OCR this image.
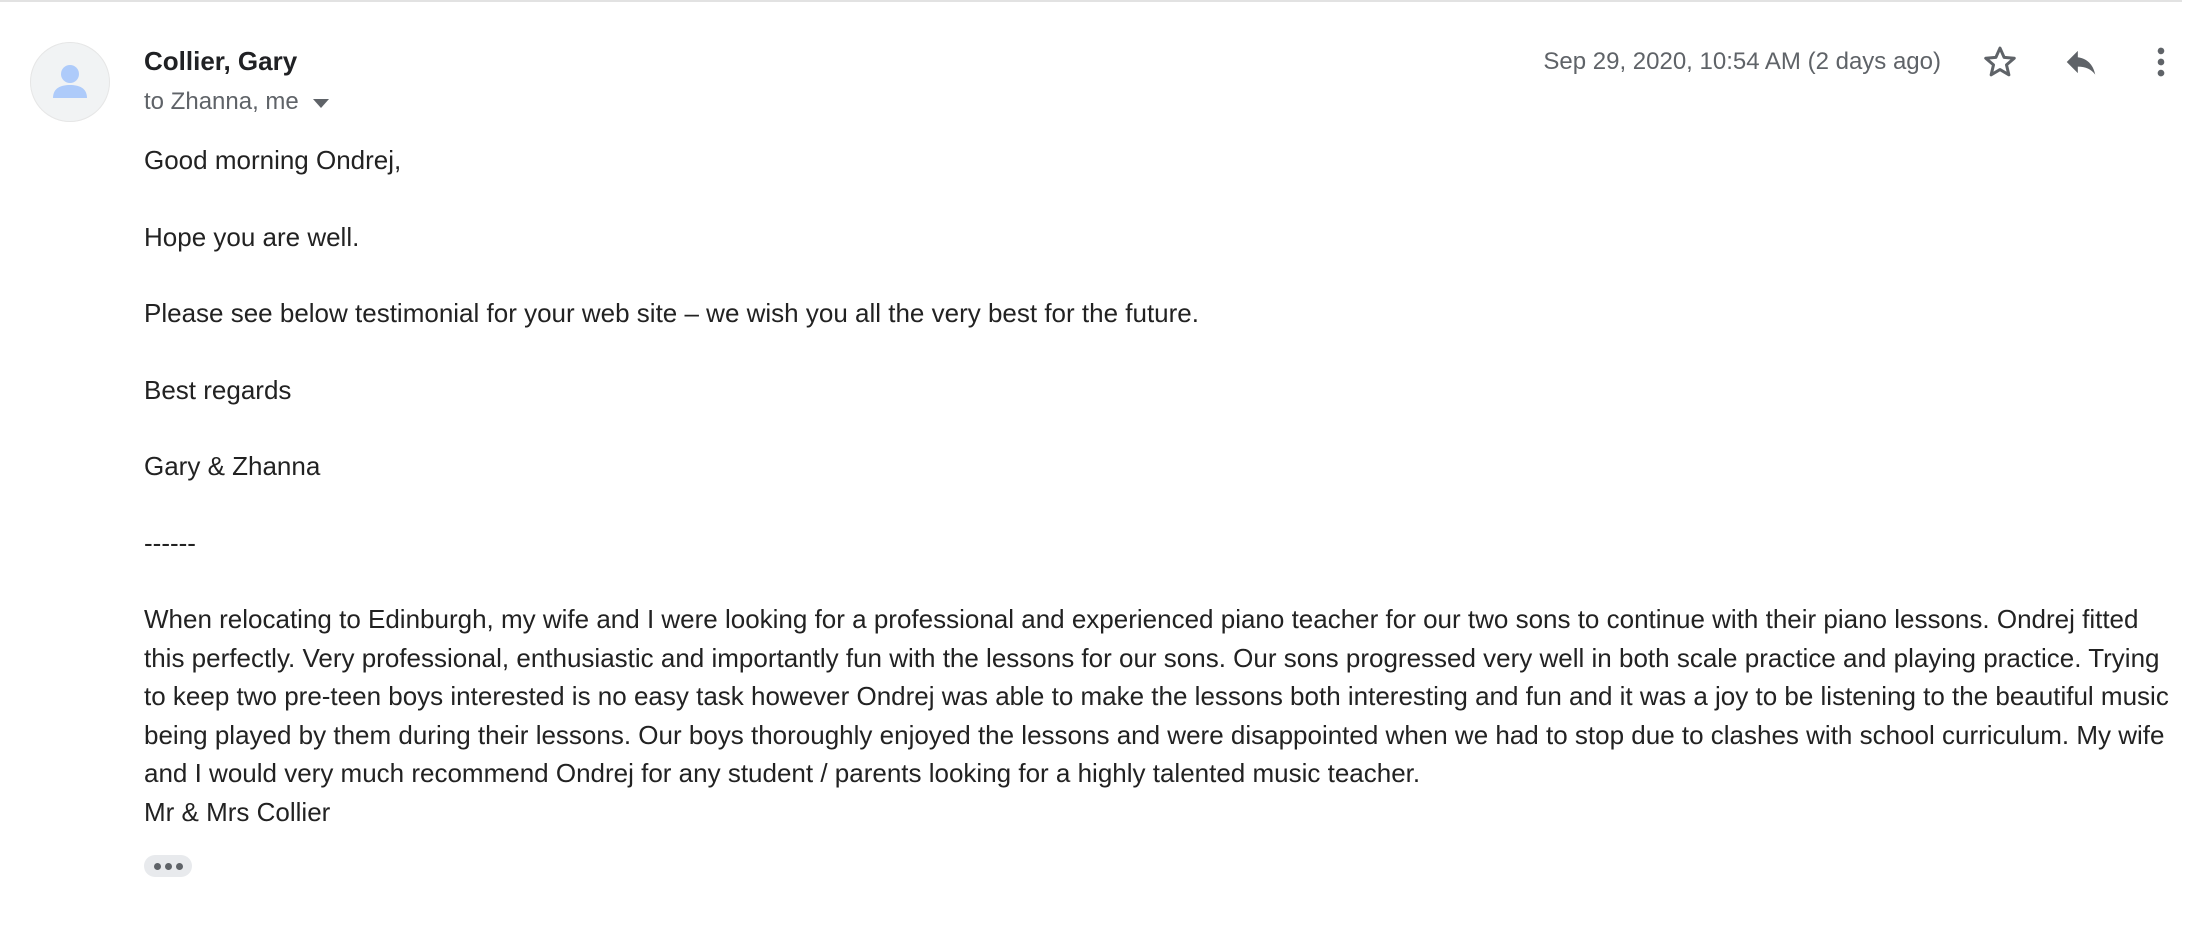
Collier, Gary
to Zhanna, me
Sep 29, 2020, 10:54 AM (2 days ago)

Good morning Ondrej,

Hope you are well.

Please see below testimonial for your web site – we wish you all the very best for the future.

Best regards

Gary & Zhanna

------

When relocating to Edinburgh, my wife and I were looking for a professional and experienced piano teacher for our two sons to continue with their piano lessons. Ondrej fitted this perfectly. Very professional, enthusiastic and importantly fun with the lessons for our sons. Our sons progressed very well in both scale practice and playing practice. Trying to keep two pre-teen boys interested is no easy task however Ondrej was able to make the lessons both interesting and fun and it was a joy to be listening to the beautiful music being played by them during their lessons. Our boys thoroughly enjoyed the lessons and were disappointed when we had to stop due to clashes with school curriculum. My wife and I would very much recommend Ondrej for any student / parents looking for a highly talented music teacher.

Mr & Mrs Collier
